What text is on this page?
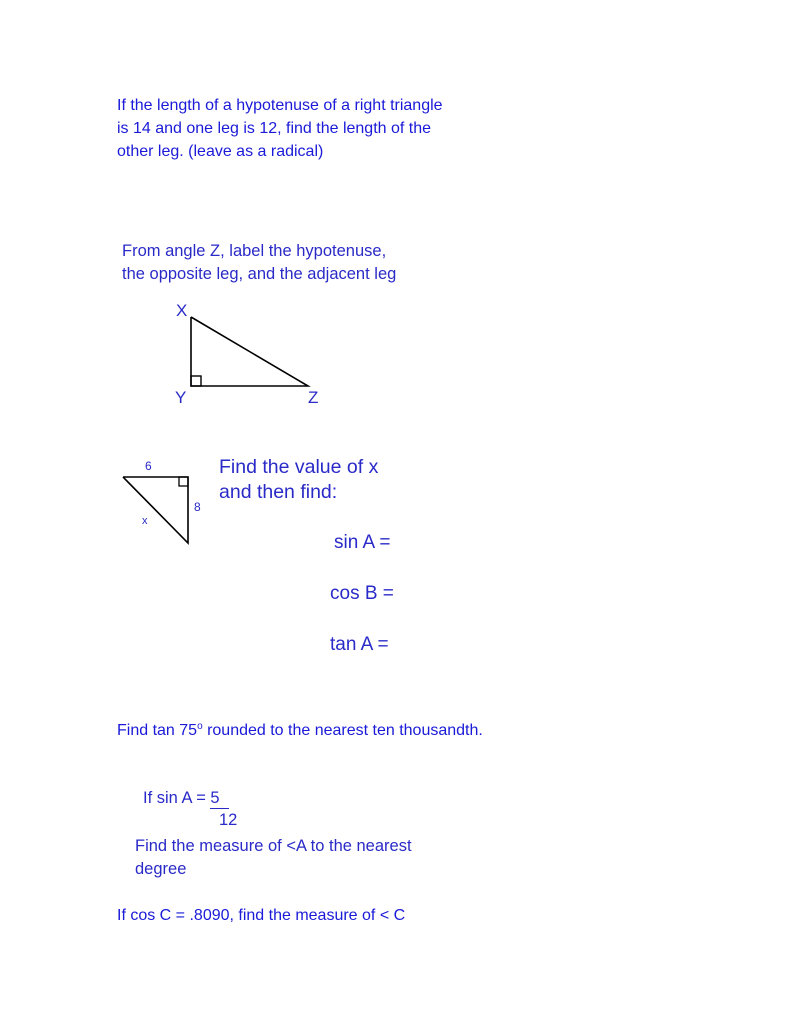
If the length of a hypotenuse of a right triangle
is 14 and one leg is 12, find the length of the
other leg. (leave as a radical)
From angle Z, label the hypotenuse,
the opposite leg, and the adjacent leg
X
Y	Z
6
8
x
Find the value of x
and then find:
sin A =
cos B =
tan A =
Find tan 75$^o$ rounded to the nearest ten thousandth.
If sin A = 5
12
Find the measure of <A to the nearest
degree
If cos C = .8090, find the measure of < C
